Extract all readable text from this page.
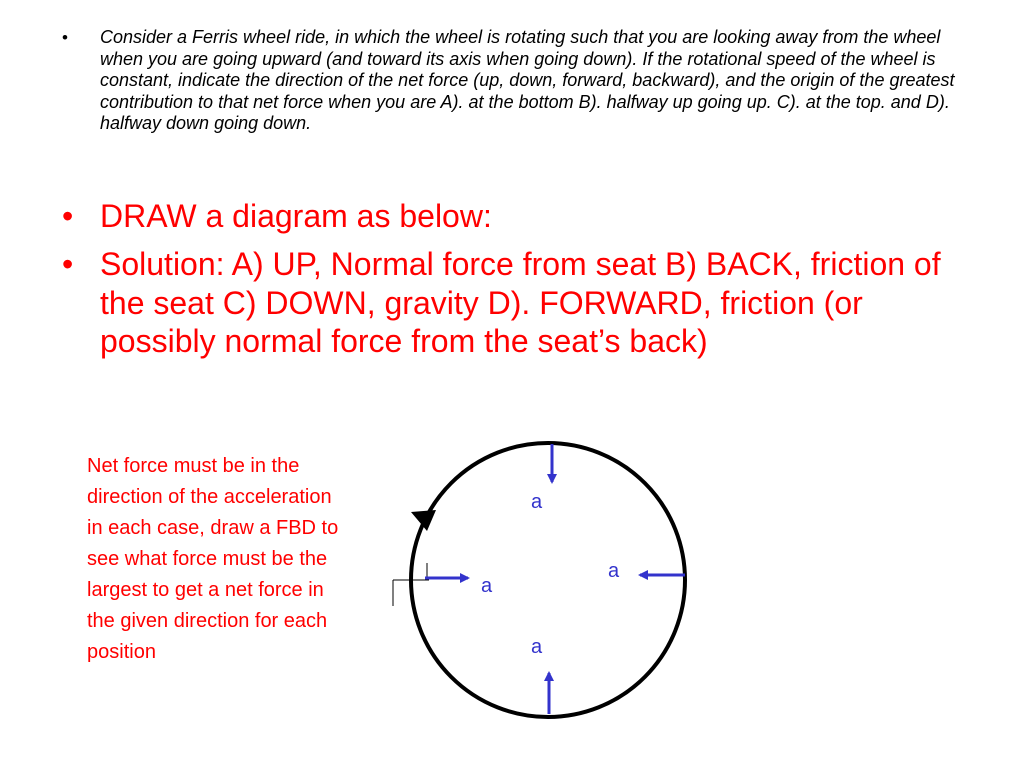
•	Consider a Ferris wheel ride, in which the wheel is rotating such that you are looking away from the wheel when you are going upward (and toward its axis when going down). If the rotational speed of the wheel is constant, indicate the direction of the net force (up, down, forward, backward), and the origin of the greatest contribution to that net force when you are A). at the bottom B). halfway up going up. C). at the top. and D). halfway down going down.
• DRAW a diagram as below:
• Solution: A) UP, Normal force from seat B) BACK, friction of the seat C) DOWN, gravity D). FORWARD, friction (or possibly normal force from the seat’s back)
Net force must be in the direction of the acceleration in each case, draw a FBD to see what force must be the largest to get a net force in the given direction for each position
a
a
a
a
